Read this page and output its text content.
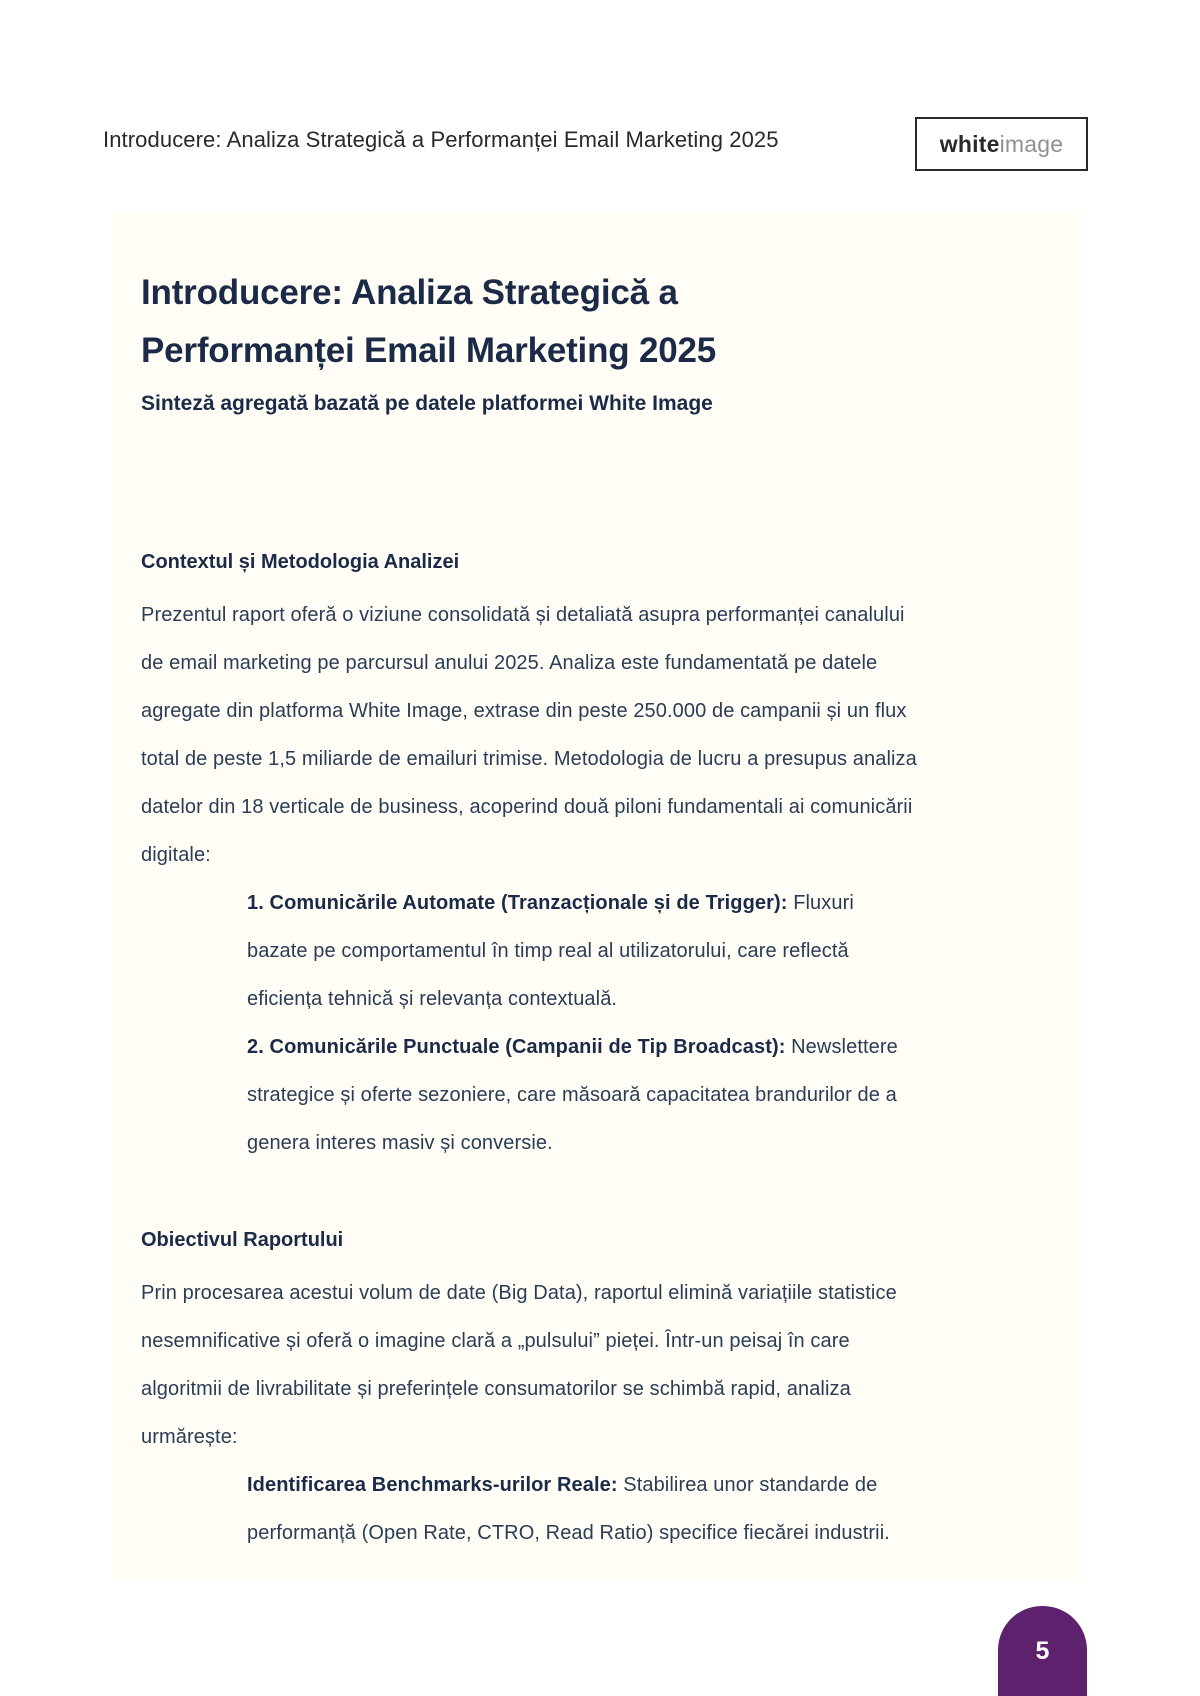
Introducere: Analiza Strategică a Performanței Email Marketing 2025	white image
Introducere: Analiza Strategică a
Performanței Email Marketing 2025

Sinteză agregată bazată pe datele platformei White Image

Contextul și Metodologia Analizei

Prezentul raport oferă o viziune consolidată și detaliată asupra performanței canalului de email marketing pe parcursul anului 2025. Analiza este fundamentată pe datele agregate din platforma White Image, extrase din peste 250.000 de campanii și un flux total de peste 1,5 miliarde de emailuri trimise. Metodologia de lucru a presupus analiza datelor din 18 verticale de business, acoperind două piloni fundamentali ai comunicării digitale:

1. Comunicările Automate (Tranzacționale și de Trigger): Fluxuri bazate pe comportamentul în timp real al utilizatorului, care reflectă eficiența tehnică și relevanța contextuală.
2. Comunicările Punctuale (Campanii de Tip Broadcast): Newslettere strategice și oferte sezoniere, care măsoară capacitatea brandurilor de a genera interes masiv și conversie.
Obiectivul Raportului

Prin procesarea acestui volum de date (Big Data), raportul elimină variațiile statistice nesemnificative și oferă o imagine clară a „pulsului” pieței. Într-un peisaj în care algoritmii de livrabilitate și preferințele consumatorilor se schimbă rapid, analiza urmărește:

Identificarea Benchmarks-urilor Reale: Stabilirea unor standarde de performanță (Open Rate, CTRO, Read Ratio) specifice fiecărei industrii.
5
